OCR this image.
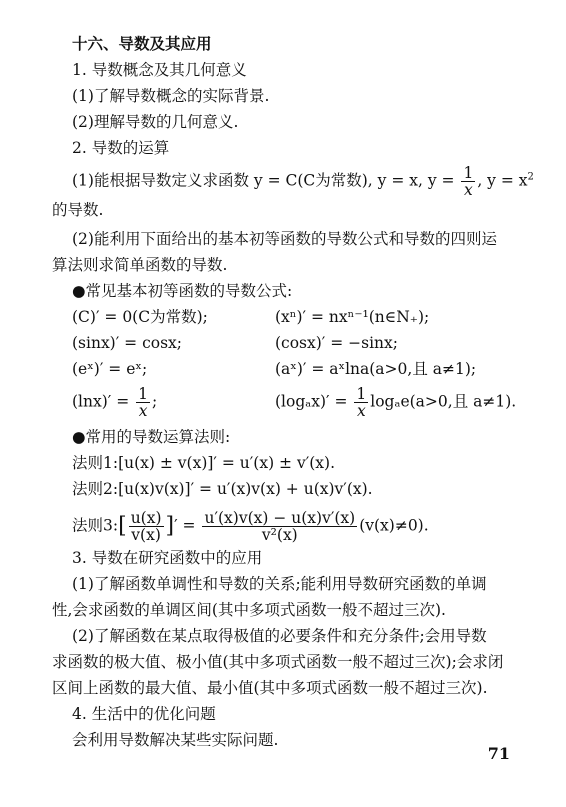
十六、导数及其应用
1. 导数概念及其几何意义
(1)了解导数概念的实际背景.
(2)理解导数的几何意义.
2. 导数的运算
(1)能根据导数定义求函数 y = C(C为常数), y = x, $y = \frac{1}{x}$ , $y = x^2$
的导数.
(2)能利用下面给出的基本初等函数的导数公式和导数的四则运
算法则求简单函数的导数.
●常见基本初等函数的导数公式:
(C)′ = 0(C为常数);	(xⁿ)′ = nxⁿ⁻¹(n∈N₊);
(sinx)′ = cosx;	(cosx)′ = −sinx;
(eˣ)′ = eˣ;	(aˣ)′ = aˣlna(a>0,且 a≠1);
$(\ln x)' = \frac{1}{x}$ ;	$(\log_ax)' = \frac{1}{x} \log_ae(a>0$,且 a≠1).
●常用的导数运算法则:
法则1:[u(x) ± v(x)]′ = u′(x) ± v′(x).
法则2:[u(x)v(x)]′ = u′(x)v(x) + u(x)v′(x).
法则3:[ $\frac{u(x)}{v(x)}$ ]′ = $\frac{u'(x)v(x) - u(x)v'(x)}{\text{v²(x)}} (v(x)\ne 0)$.
3. 导数在研究函数中的应用
(1)了解函数单调性和导数的关系;能利用导数研究函数的单调
性,会求函数的单调区间(其中多项式函数一般不超过三次).
(2)了解函数在某点取得极值的必要条件和充分条件;会用导数
求函数的极大值、极小值(其中多项式函数一般不超过三次);会求闭
区间上函数的最大值、最小值(其中多项式函数一般不超过三次).
4. 生活中的优化问题
会利用导数解决某些实际问题.
71
